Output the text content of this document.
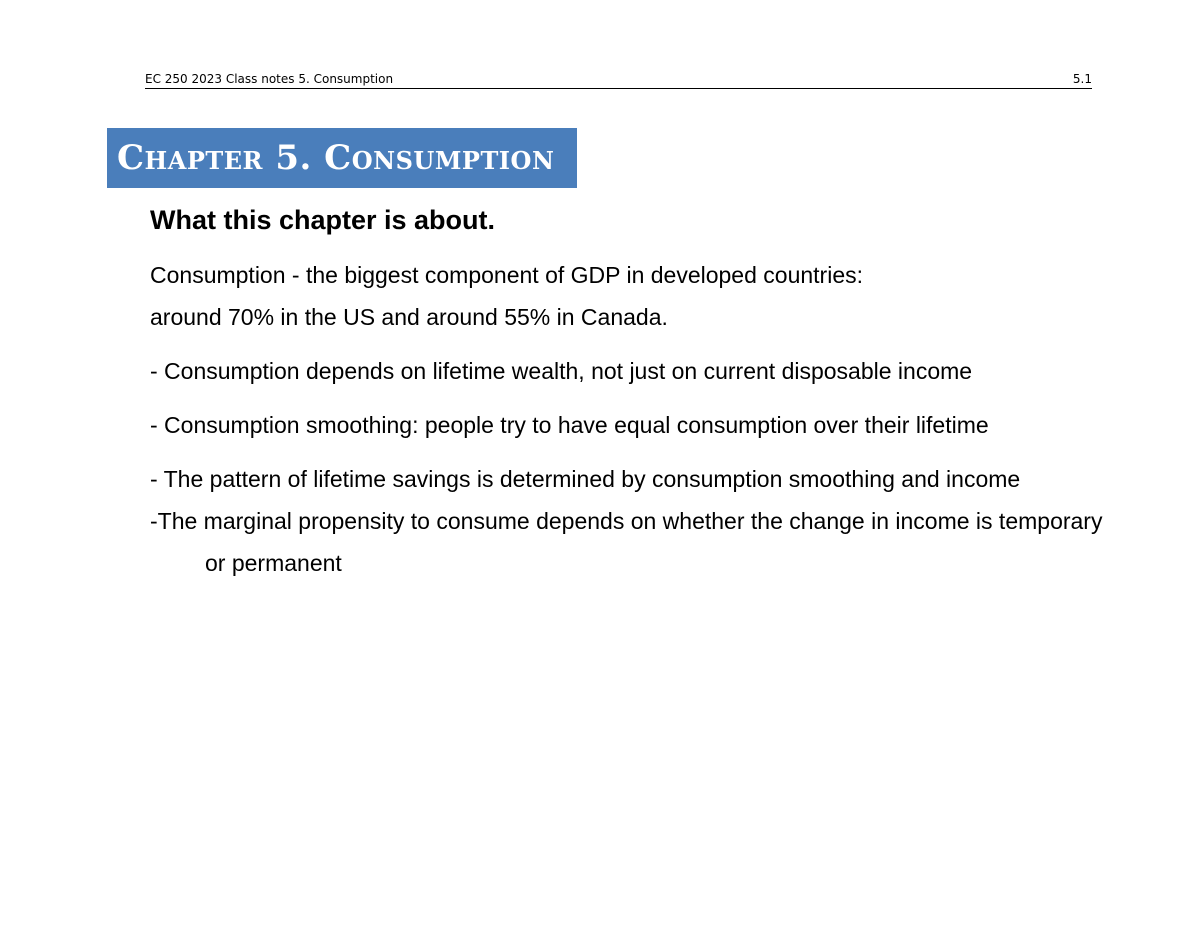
EC 250 2023 Class notes 5. Consumption	5.1
Chapter 5. Consumption
What this chapter is about.
Consumption - the biggest component of GDP in developed countries:
around 70% in the US and around 55% in Canada.
- Consumption depends on lifetime wealth, not just on current disposable income
- Consumption smoothing: people try to have equal consumption over their lifetime
- The pattern of lifetime savings is determined by consumption smoothing and income
-The marginal propensity to consume depends on whether the change in income is temporary or permanent
